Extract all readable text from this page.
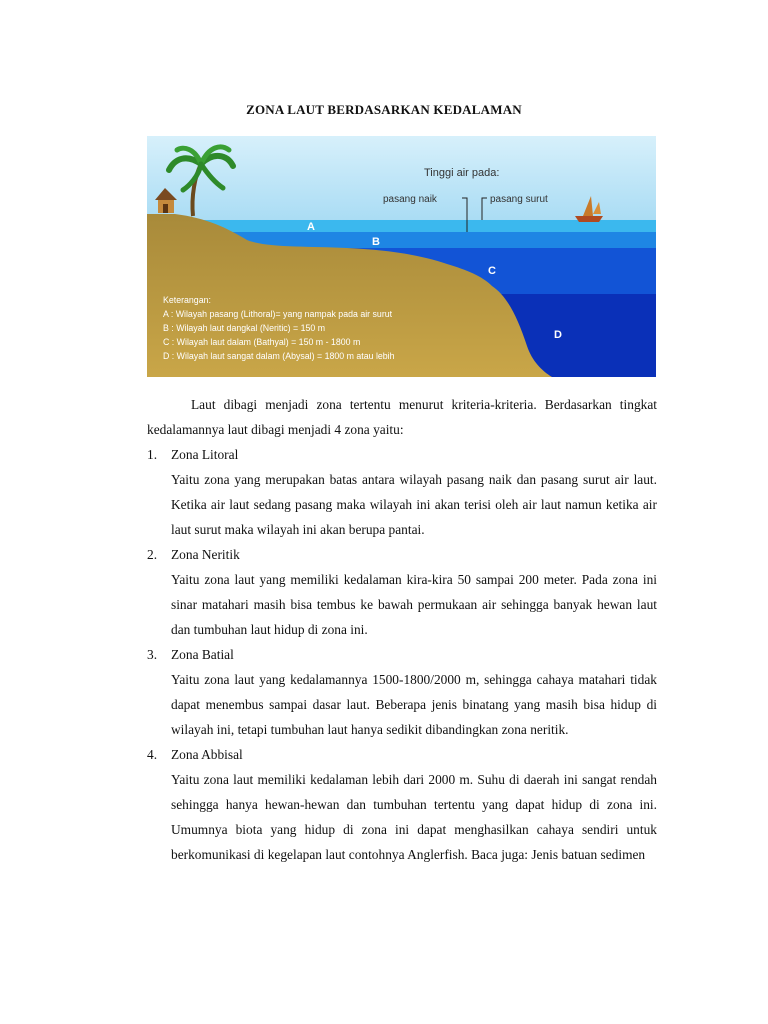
ZONA LAUT BERDASARKAN KEDALAMAN
Tinggi air pada:
pasang naik	pasang surut
A
B
C
D
Keterangan:
A : Wilayah pasang (Lithoral)= yang nampak pada air surut
B : Wilayah laut dangkal (Neritic) = 150 m
C : Wilayah laut dalam (Bathyal) = 150 m - 1800 m
D : Wilayah laut sangat dalam (Abysal) = 1800 m atau lebih

Laut dibagi menjadi zona tertentu menurut kriteria-kriteria. Berdasarkan tingkat kedalamannya laut dibagi menjadi 4 zona yaitu:

1. Zona Litoral

Yaitu zona yang merupakan batas antara wilayah pasang naik dan pasang surut air laut. Ketika air laut sedang pasang maka wilayah ini akan terisi oleh air laut namun ketika air laut surut maka wilayah ini akan berupa pantai.

2. Zona Neritik

Yaitu zona laut yang memiliki kedalaman kira-kira 50 sampai 200 meter. Pada zona ini sinar matahari masih bisa tembus ke bawah permukaan air sehingga banyak hewan laut dan tumbuhan laut hidup di zona ini.

3. Zona Batial

Yaitu zona laut yang kedalamannya 1500-1800/2000 m, sehingga cahaya matahari tidak dapat menembus sampai dasar laut. Beberapa jenis binatang yang masih bisa hidup di wilayah ini, tetapi tumbuhan laut hanya sedikit dibandingkan zona neritik.

4. Zona Abbisal

Yaitu zona laut memiliki kedalaman lebih dari 2000 m. Suhu di daerah ini sangat rendah sehingga hanya hewan-hewan dan tumbuhan tertentu yang dapat hidup di zona ini. Umumnya biota yang hidup di zona ini dapat menghasilkan cahaya sendiri untuk berkomunikasi di kegelapan laut contohnya Anglerfish. Baca juga: Jenis batuan sedimen
